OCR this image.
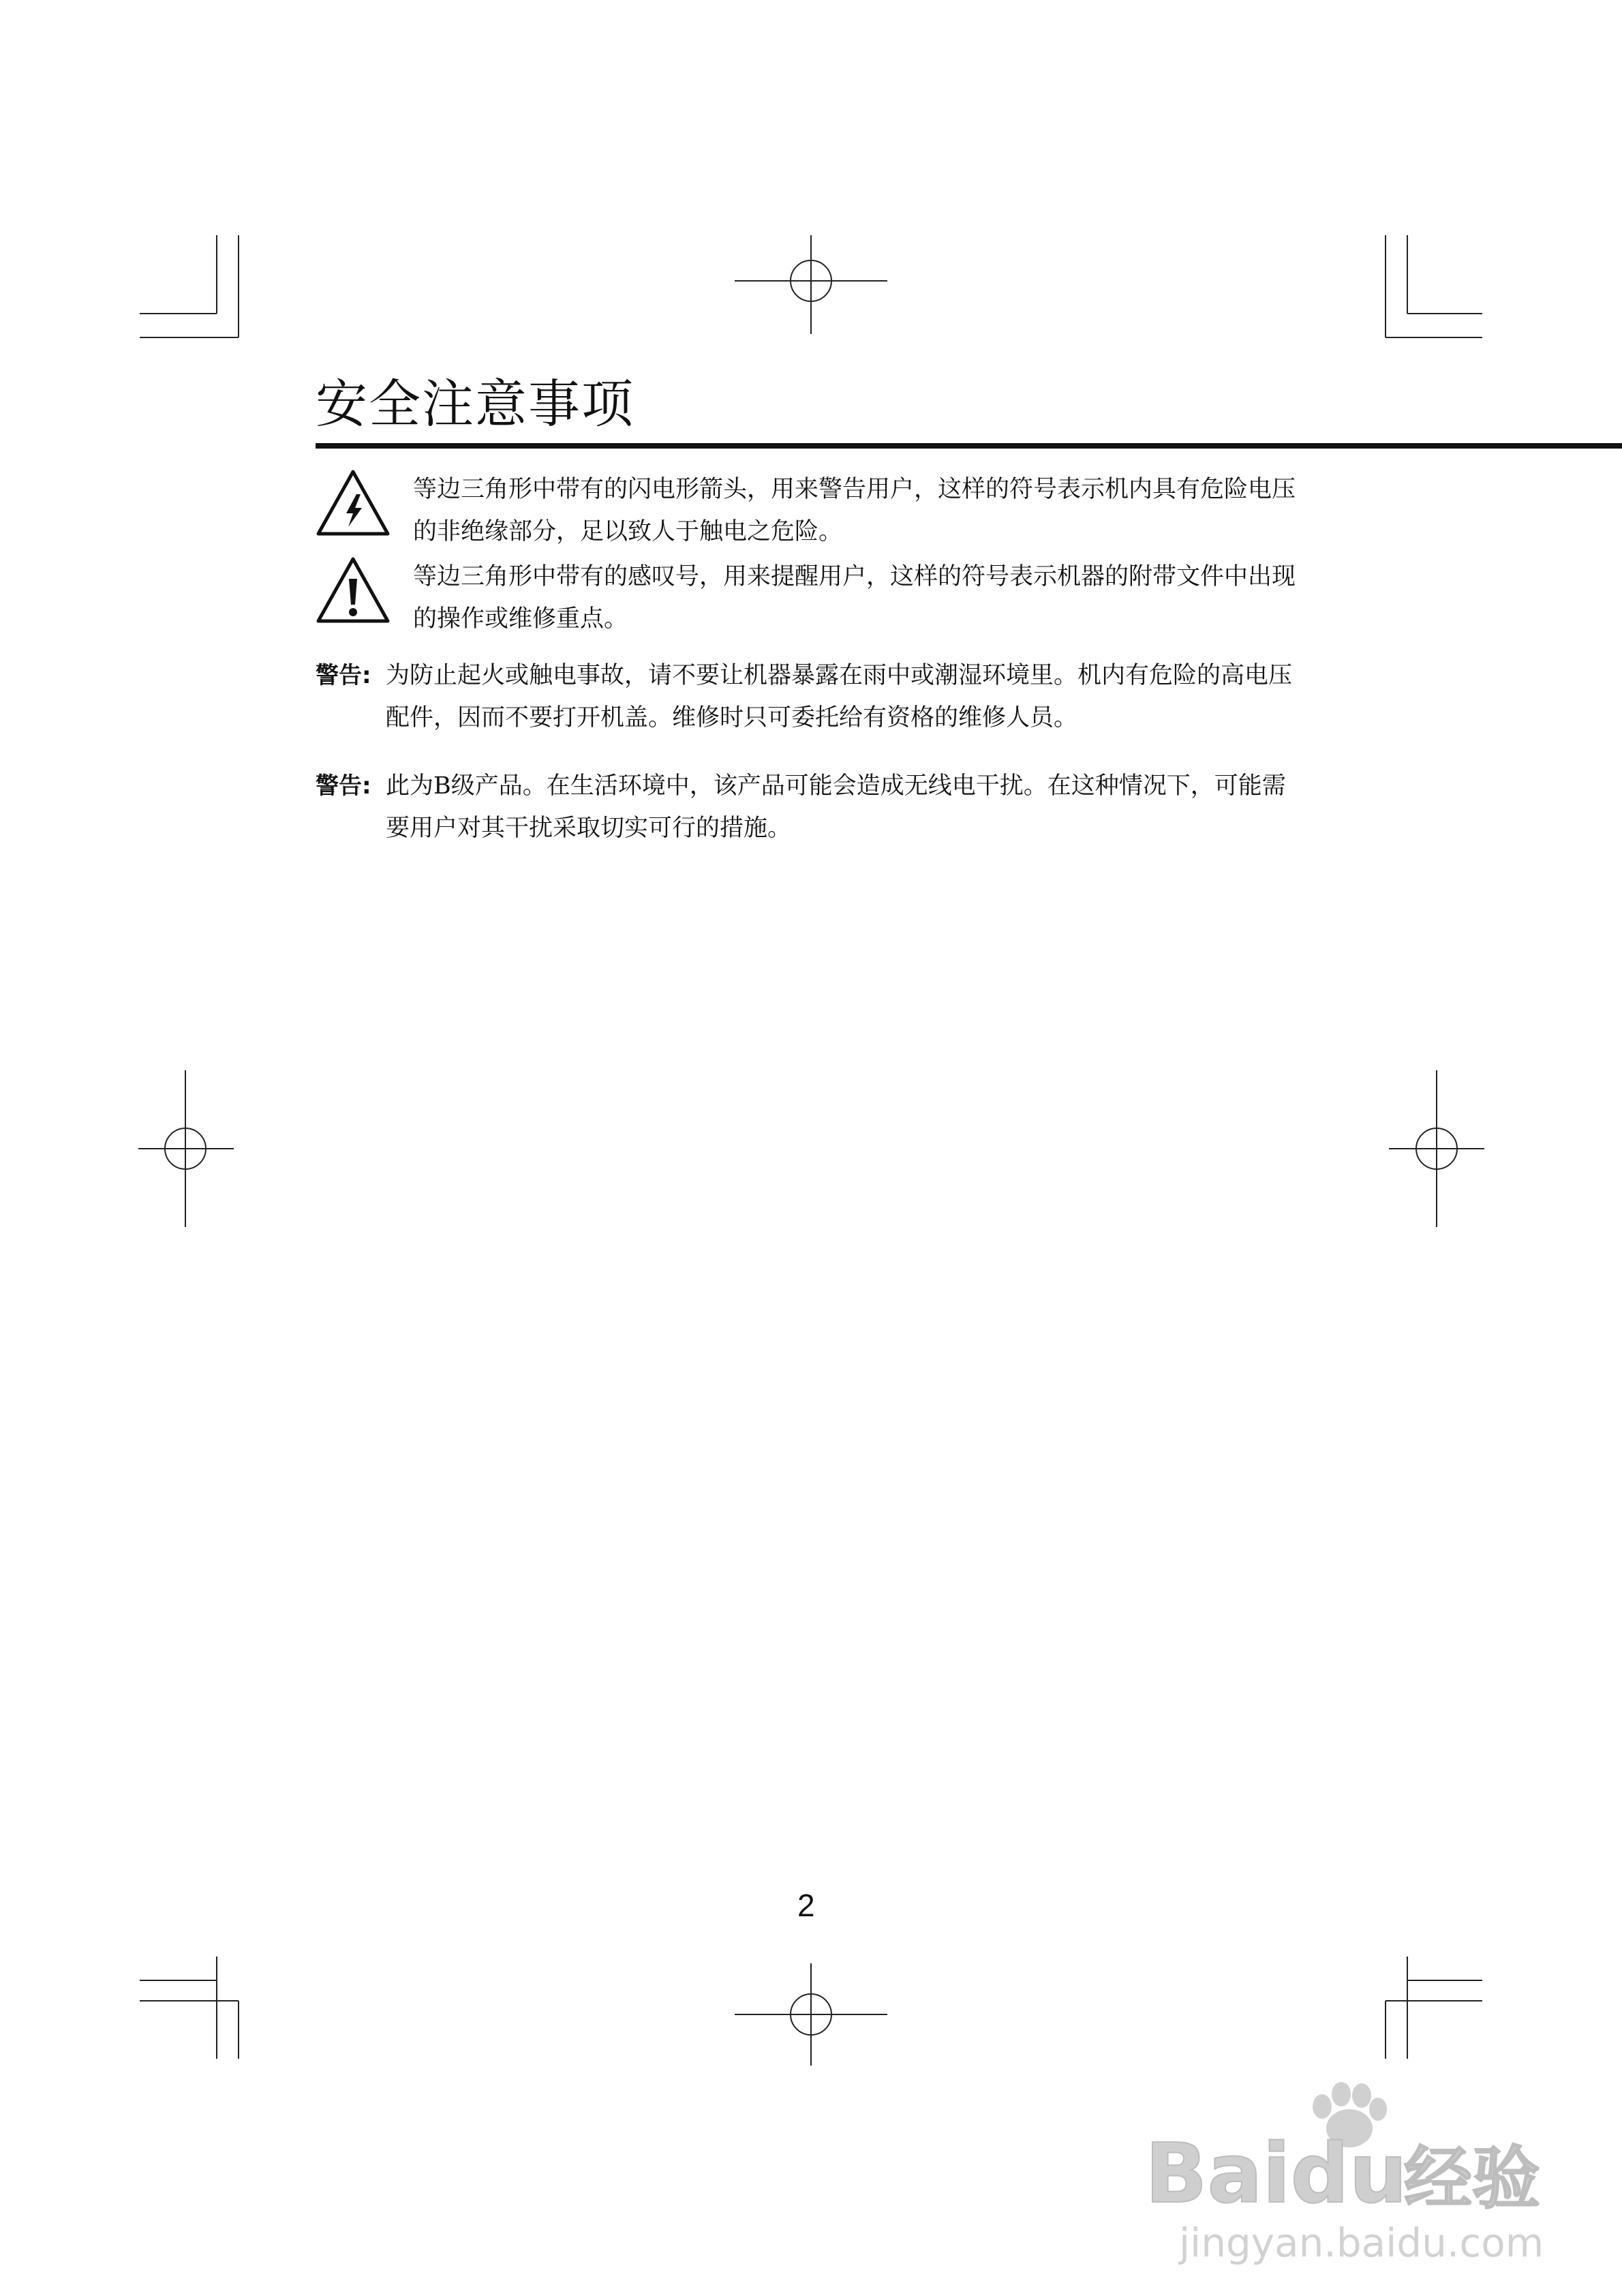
安全注意事项
等边三角形中带有的闪电形箭头，用来警告用户，这样的符号表示机内具有危险电压的非绝缘部分，足以致人于触电之危险。
等边三角形中带有的感叹号，用来提醒用户，这样的符号表示机器的附带文件中出现的操作或维修重点。
警告: 为防止起火或触电事故，请不要让机器暴露在雨中或潮湿环境里。机内有危险的高电压配件，因而不要打开机盖。维修时只可委托给有资格的维修人员。
警告: 此为B级产品。在生活环境中，该产品可能会造成无线电干扰。在这种情况下，可能需要用户对其干扰采取切实可行的措施。
2
Baidu
经验
jingyan.baidu.com
